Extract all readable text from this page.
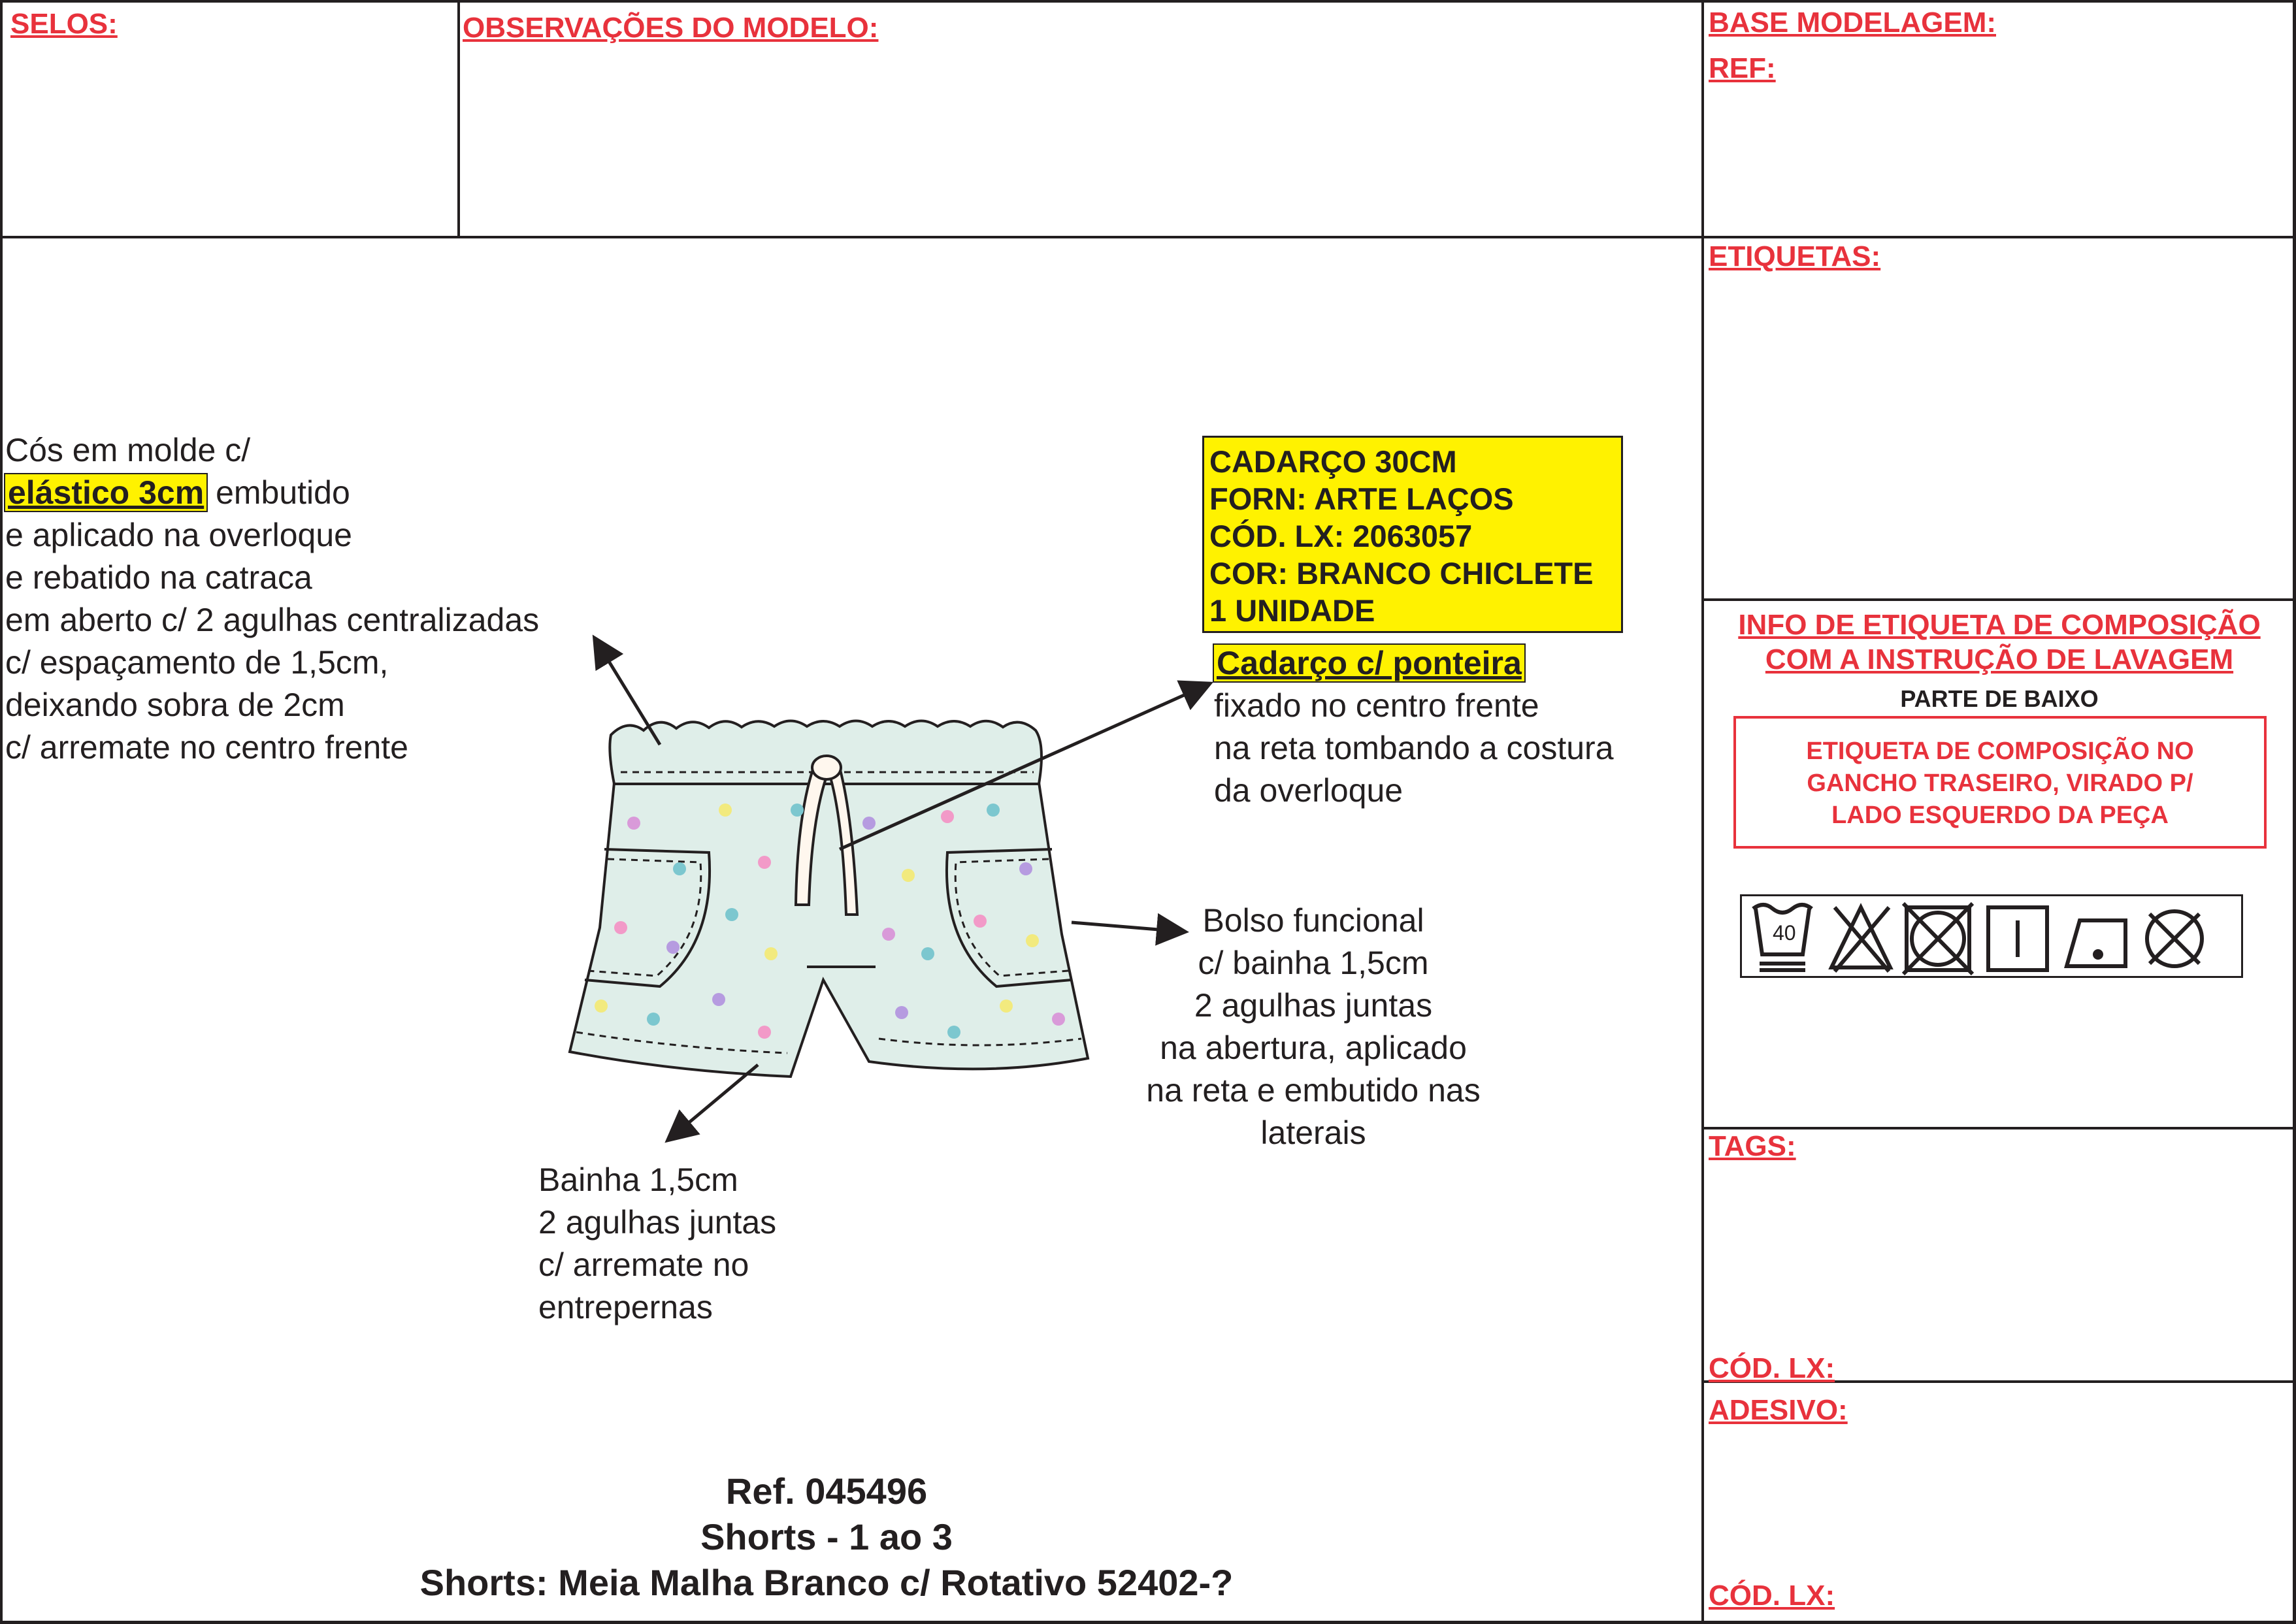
SELOS:	OBSERVAÇÕES DO MODELO:	BASE MODELAGEM:
REF:
ETIQUETAS:
INFO DE ETIQUETA DE COMPOSIÇÃO
COM A INSTRUÇÃO DE LAVAGEM
PARTE DE BAIXO
ETIQUETA DE COMPOSIÇÃO NO
GANCHO TRASEIRO, VIRADO P/
LADO ESQUERDO DA PEÇA
40
TAGS:
CÓD. LX:
ADESIVO:
CÓD. LX:
Cós em molde c/
elástico 3cm embutido
e aplicado na overloque
e rebatido na catraca
em aberto c/ 2 agulhas centralizadas
c/ espaçamento de 1,5cm,
deixando sobra de 2cm
c/ arremate no centro frente
CADARÇO 30CM
FORN: ARTE LAÇOS
CÓD. LX: 2063057
COR: BRANCO CHICLETE
1 UNIDADE
Cadarço c/ ponteira
fixado no centro frente
na reta tombando a costura
da overloque
Bolso funcional
c/ bainha 1,5cm
2 agulhas juntas
na abertura, aplicado
na reta e embutido nas
laterais
Bainha 1,5cm
2 agulhas juntas
c/ arremate no
entrepernas
Ref. 045496
Shorts - 1 ao 3
Shorts: Meia Malha Branco c/ Rotativo 52402-?
